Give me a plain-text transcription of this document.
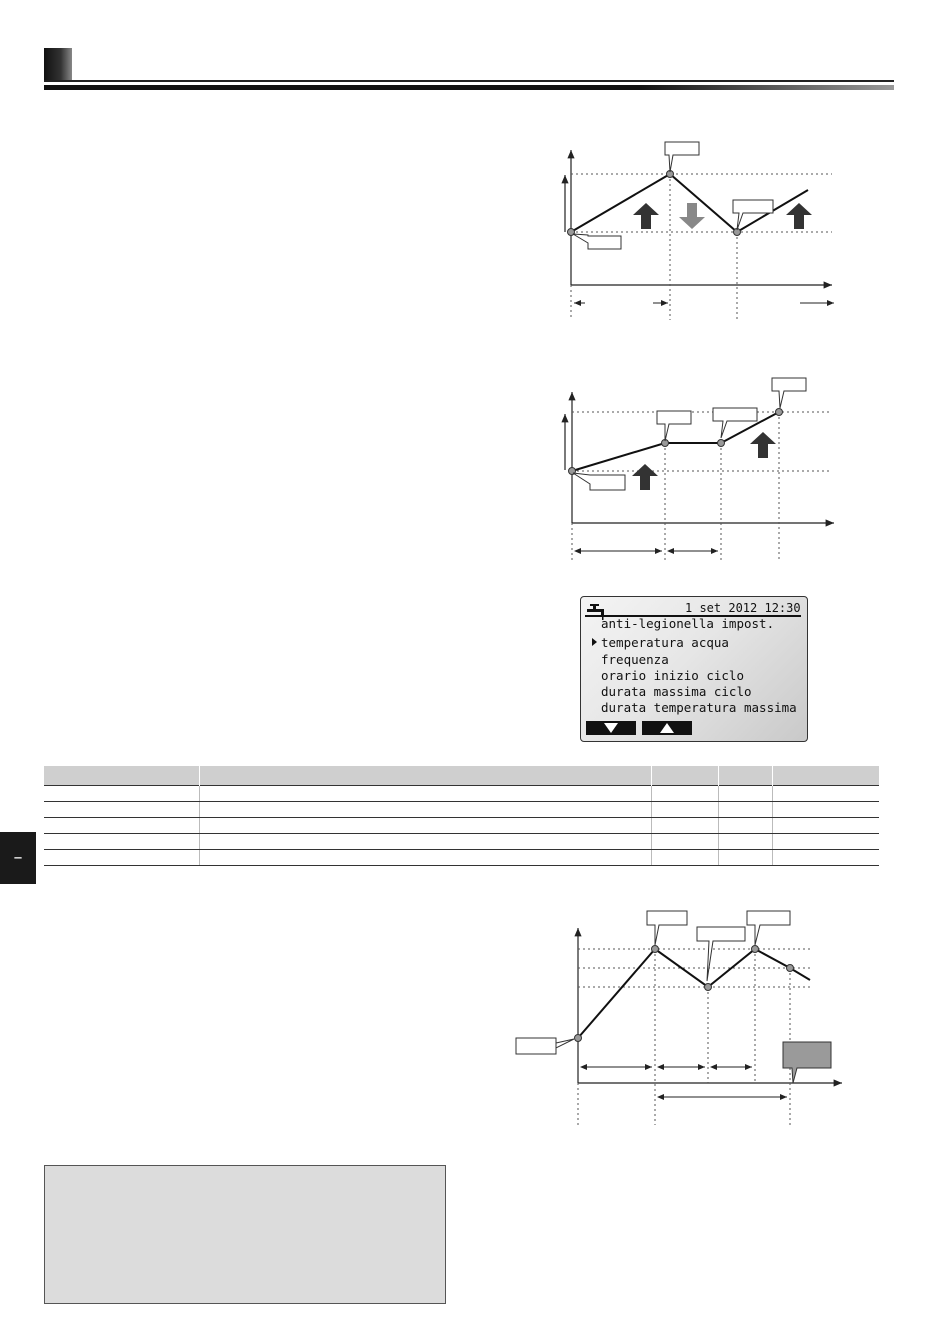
–
1 set 2012 12:30
anti-legionella impost.
temperatura acqua
frequenza
orario inizio ciclo
durata massima ciclo
durata temperatura massima
